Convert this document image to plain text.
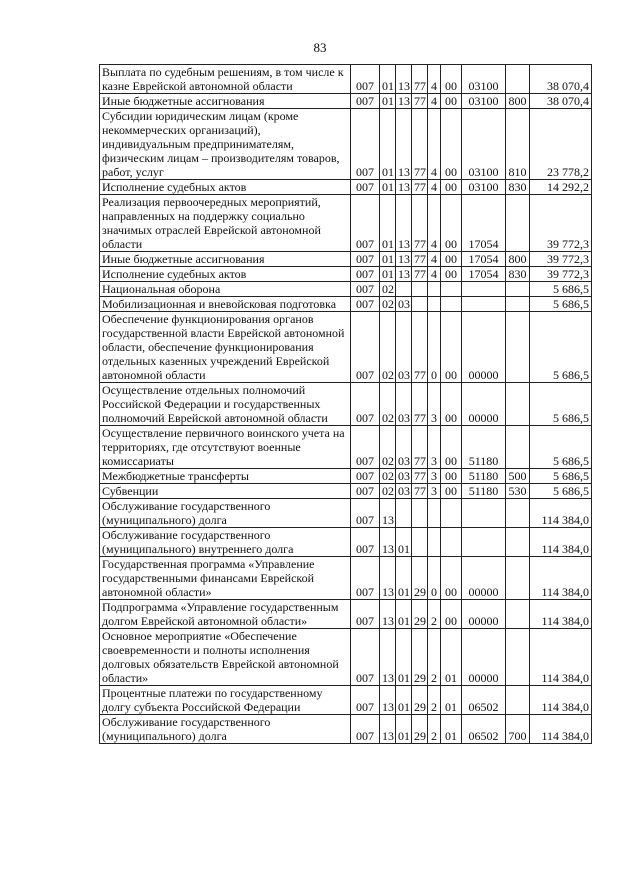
83
Выплата по судебным решениям, в том числе к казне Еврейской автономной области	007	01	13	77	4	00	03100		38 070,4
Иные бюджетные ассигнования	007	01	13	77	4	00	03100	800	38 070,4
Субсидии юридическим лицам (кроме некоммерческих организаций), индивидуальным предпринимателям, физическим лицам – производителям товаров, работ, услуг	007	01	13	77	4	00	03100	810	23 778,2
Исполнение судебных актов	007	01	13	77	4	00	03100	830	14 292,2
Реализация первоочередных мероприятий, направленных на поддержку социально значимых отраслей Еврейской автономной области	007	01	13	77	4	00	17054		39 772,3
Иные бюджетные ассигнования	007	01	13	77	4	00	17054	800	39 772,3
Исполнение судебных актов	007	01	13	77	4	00	17054	830	39 772,3
Национальная оборона	007	02							5 686,5
Мобилизационная и вневойсковая подготовка	007	02	03						5 686,5
Обеспечение функционирования органов государственной власти Еврейской автономной области, обеспечение функционирования отдельных казенных учреждений Еврейской автономной области	007	02	03	77	0	00	00000		5 686,5
Осуществление отдельных полномочий Российской Федерации и государственных полномочий Еврейской автономной области	007	02	03	77	3	00	00000		5 686,5
Осуществление первичного воинского учета на территориях, где отсутствуют военные комиссариаты	007	02	03	77	3	00	51180		5 686,5
Межбюджетные трансферты	007	02	03	77	3	00	51180	500	5 686,5
Субвенции	007	02	03	77	3	00	51180	530	5 686,5
Обслуживание государственного (муниципального) долга	007	13							114 384,0
Обслуживание государственного (муниципального) внутреннего долга	007	13	01						114 384,0
Государственная программа «Управление государственными финансами Еврейской автономной области»	007	13	01	29	0	00	00000		114 384,0
Подпрограмма «Управление государственным долгом Еврейской автономной области»	007	13	01	29	2	00	00000		114 384,0
Основное мероприятие «Обеспечение своевременности и полноты исполнения долговых обязательств Еврейской автономной области»	007	13	01	29	2	01	00000		114 384,0
Процентные платежи по государственному долгу субъекта Российской Федерации	007	13	01	29	2	01	06502		114 384,0
Обслуживание государственного (муниципального) долга	007	13	01	29	2	01	06502	700	114 384,0
